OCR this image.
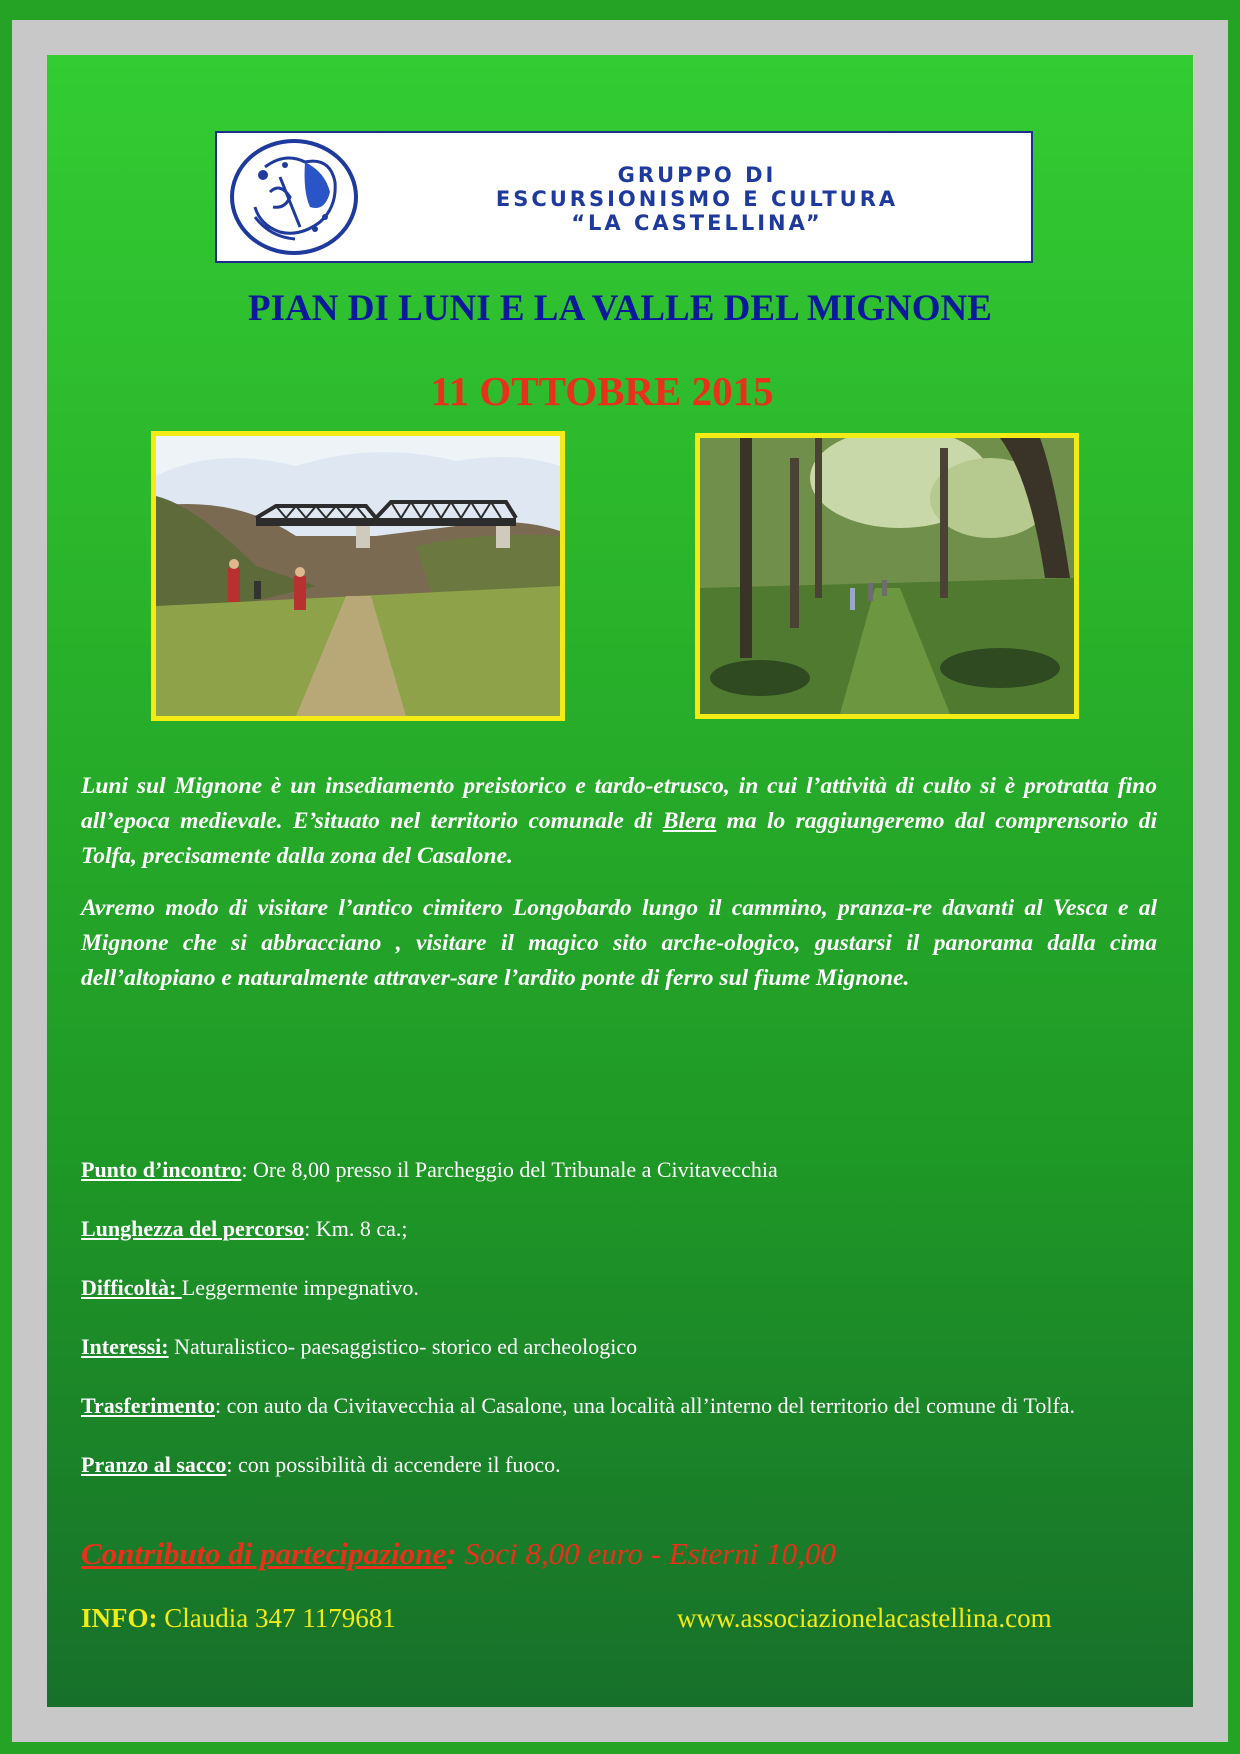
GRUPPO DI
ESCURSIONISMO E CULTURA
“LA CASTELLINA”
PIAN DI LUNI E LA VALLE DEL MIGNONE
11 OTTOBRE 2015

Luni sul Mignone è un insediamento preistorico e tardo-etrusco, in cui l’attività di culto si è protratta fino all’epoca medievale. E’situato nel territorio comunale di Blera ma lo raggiungeremo dal comprensorio di Tolfa, precisamente dalla zona del Casalone.

Avremo modo di visitare l’antico cimitero Longobardo lungo il cammino, pranza-re davanti al Vesca e al Mignone che si abbracciano , visitare il magico sito arche-ologico, gustarsi il panorama dalla cima dell’altopiano e naturalmente attraver-sare l’ardito ponte di ferro sul fiume Mignone.

Punto d’incontro: Ore 8,00 presso il Parcheggio del Tribunale a Civitavecchia
Lunghezza del percorso: Km. 8 ca.;
Difficoltà: Leggermente impegnativo.
Interessi: Naturalistico- paesaggistico- storico ed archeologico
Trasferimento: con auto da Civitavecchia al Casalone, una località all’interno del territorio del comune di Tolfa.
Pranzo al sacco: con possibilità di accendere il fuoco.
Contributo di partecipazione: Soci 8,00 euro - Esterni 10,00
INFO: Claudia 347 1179681	www.associazionelacastellina.com
